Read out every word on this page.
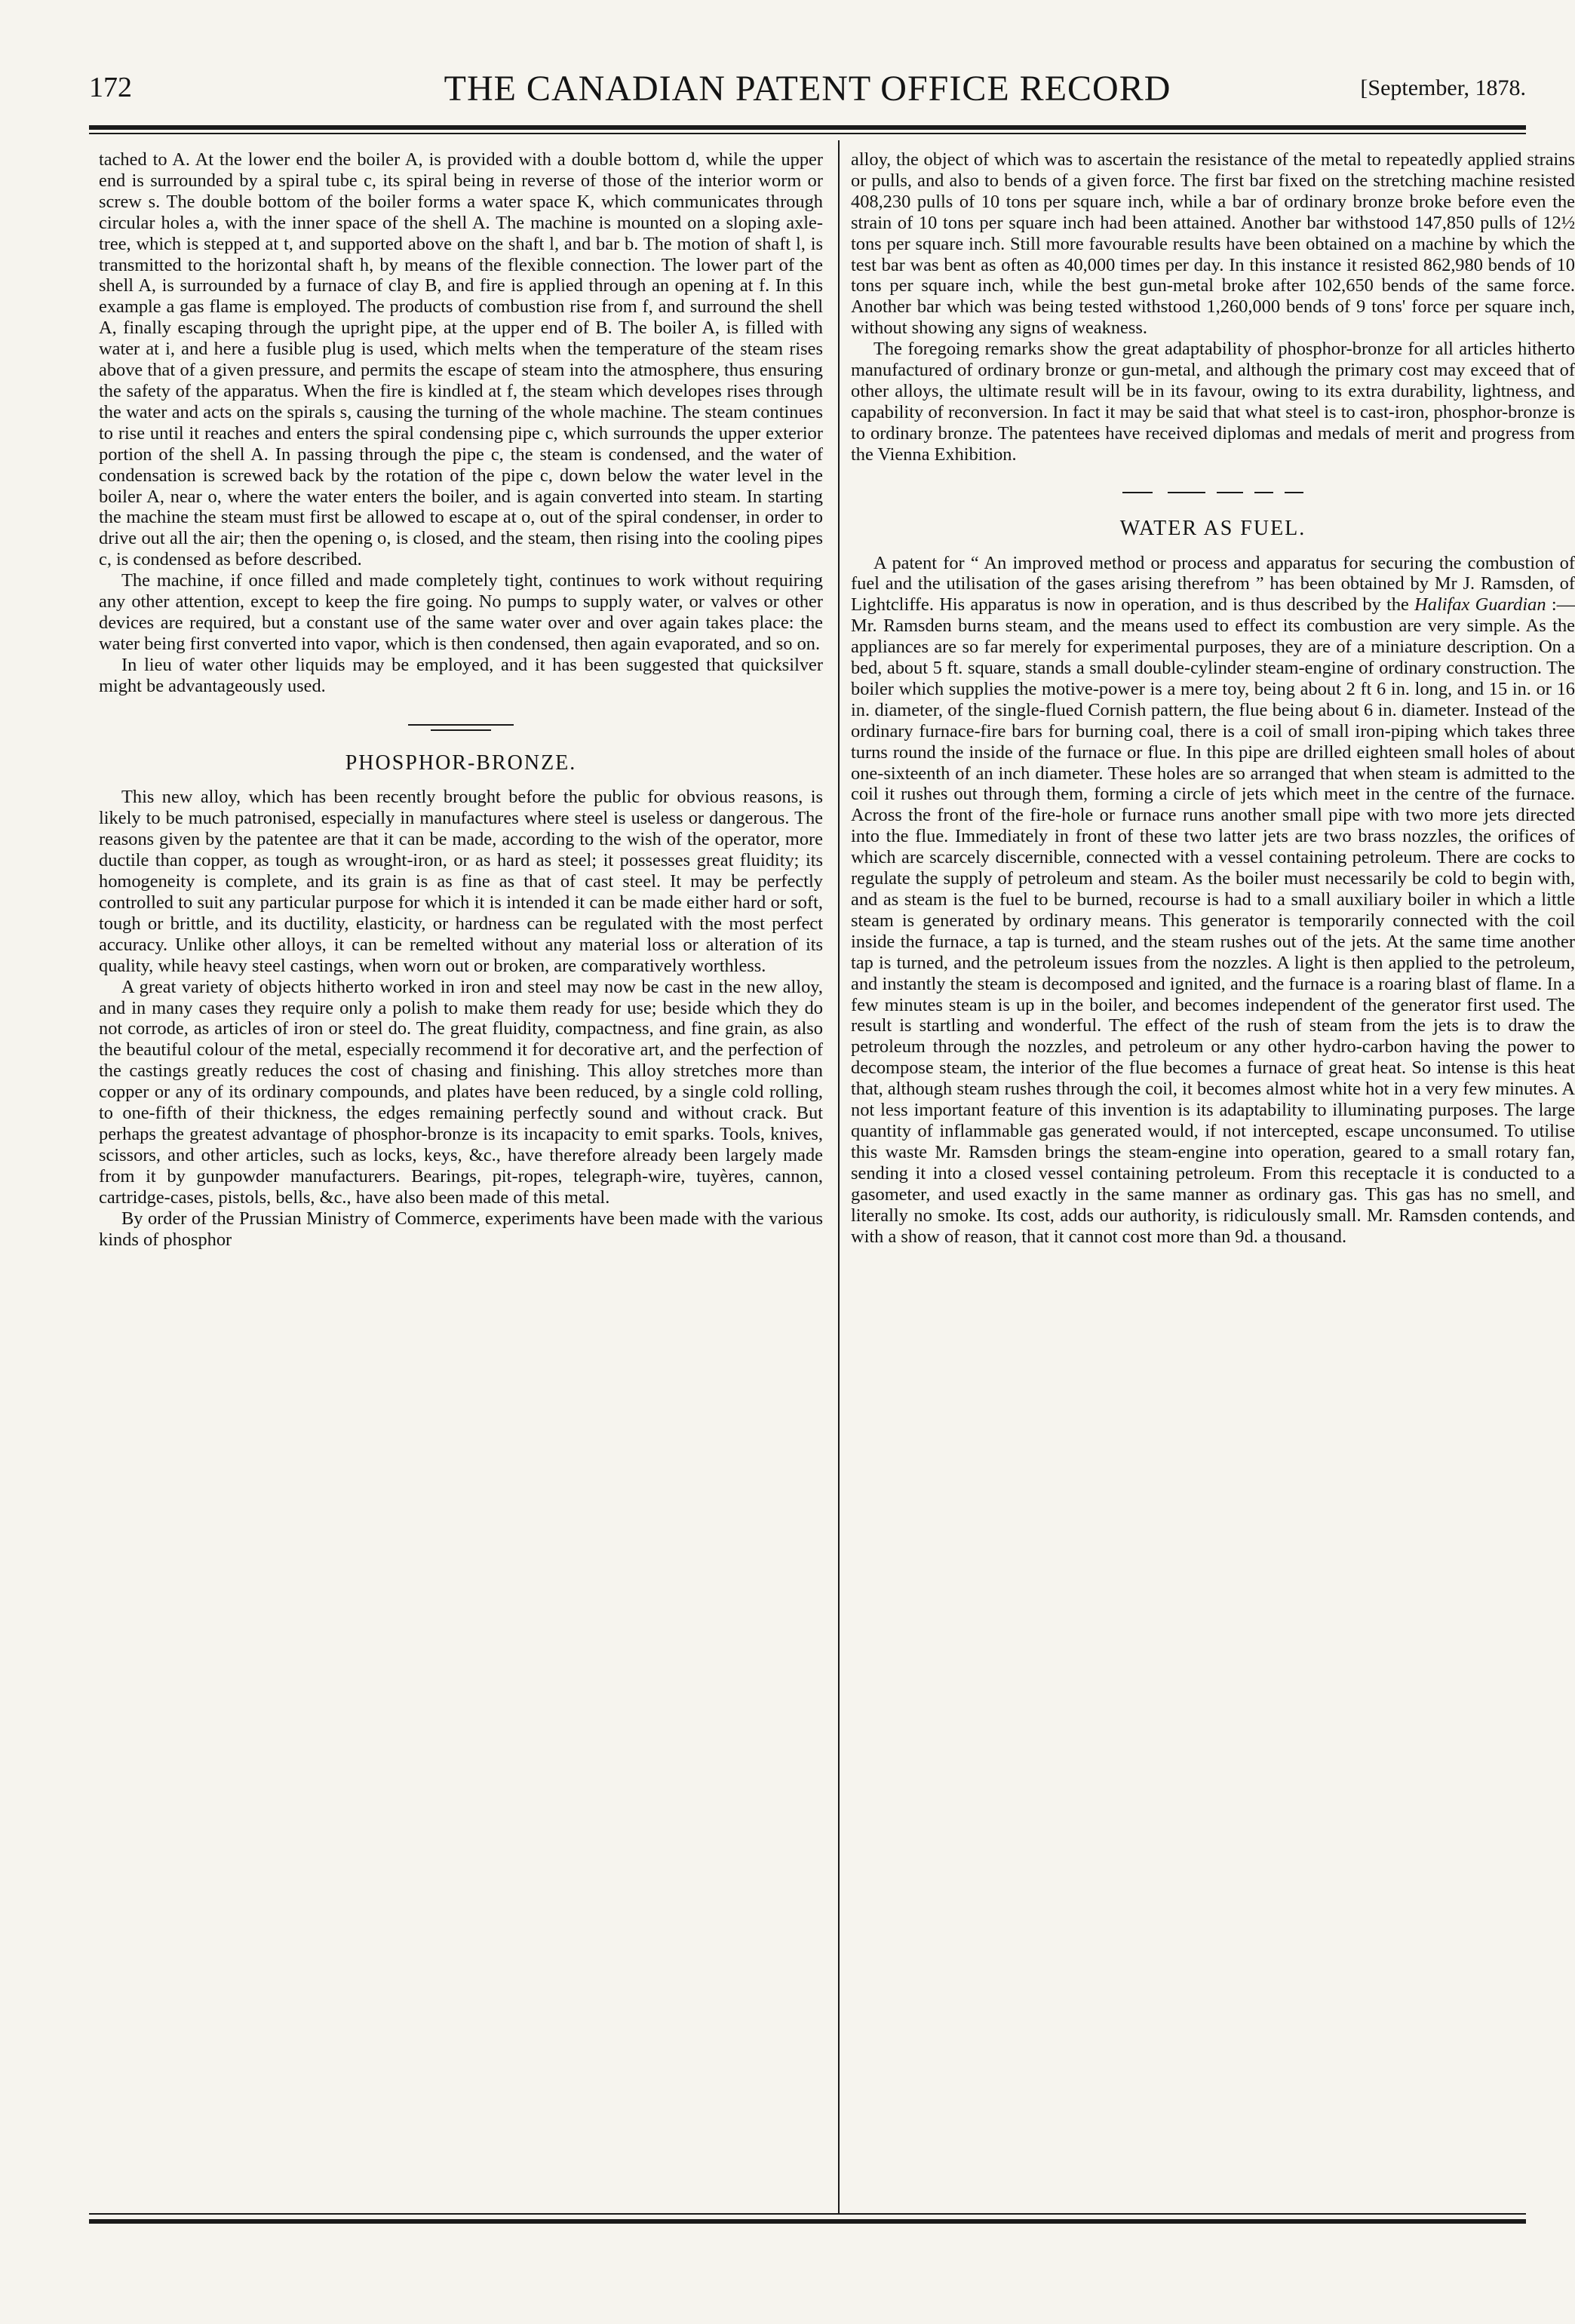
172	THE CANADIAN PATENT OFFICE RECORD	[September, 1878.

tached to A. At the lower end the boiler A, is provided with a double bottom d, while the upper end is surrounded by a spiral tube c, its spiral being in reverse of those of the interior worm or screw s. The double bottom of the boiler forms a water space K, which communicates through circular holes a, with the inner space of the shell A. The machine is mounted on a sloping axle-tree, which is stepped at t, and supported above on the shaft l, and bar b. The motion of shaft l, is transmitted to the horizontal shaft h, by means of the flexible connection. The lower part of the shell A, is surrounded by a furnace of clay B, and fire is applied through an opening at f. In this example a gas flame is employed. The products of combustion rise from f, and surround the shell A, finally escaping through the upright pipe, at the upper end of B. The boiler A, is filled with water at i, and here a fusible plug is used, which melts when the temperature of the steam rises above that of a given pressure, and permits the escape of steam into the atmosphere, thus ensuring the safety of the apparatus. When the fire is kindled at f, the steam which developes rises through the water and acts on the spirals s, causing the turning of the whole machine. The steam continues to rise until it reaches and enters the spiral condensing pipe c, which surrounds the upper exterior portion of the shell A. In passing through the pipe c, the steam is condensed, and the water of condensation is screwed back by the rotation of the pipe c, down below the water level in the boiler A, near o, where the water enters the boiler, and is again converted into steam. In starting the machine the steam must first be allowed to escape at o, out of the spiral condenser, in order to drive out all the air; then the opening o, is closed, and the steam, then rising into the cooling pipes c, is condensed as before described.

The machine, if once filled and made completely tight, continues to work without requiring any other attention, except to keep the fire going. No pumps to supply water, or valves or other devices are required, but a constant use of the same water over and over again takes place: the water being first converted into vapor, which is then condensed, then again evaporated, and so on.

In lieu of water other liquids may be employed, and it has been suggested that quicksilver might be advantageously used.

PHOSPHOR-BRONZE.

This new alloy, which has been recently brought before the public for obvious reasons, is likely to be much patronised, especially in manufactures where steel is useless or dangerous. The reasons given by the patentee are that it can be made, according to the wish of the operator, more ductile than copper, as tough as wrought-iron, or as hard as steel; it possesses great fluidity; its homogeneity is complete, and its grain is as fine as that of cast steel. It may be perfectly controlled to suit any particular purpose for which it is intended it can be made either hard or soft, tough or brittle, and its ductility, elasticity, or hardness can be regulated with the most perfect accuracy. Unlike other alloys, it can be remelted without any material loss or alteration of its quality, while heavy steel castings, when worn out or broken, are comparatively worthless.

A great variety of objects hitherto worked in iron and steel may now be cast in the new alloy, and in many cases they require only a polish to make them ready for use; beside which they do not corrode, as articles of iron or steel do. The great fluidity, compactness, and fine grain, as also the beautiful colour of the metal, especially recommend it for decorative art, and the perfection of the castings greatly reduces the cost of chasing and finishing. This alloy stretches more than copper or any of its ordinary compounds, and plates have been reduced, by a single cold rolling, to one-fifth of their thickness, the edges remaining perfectly sound and without crack. But perhaps the greatest advantage of phosphor-bronze is its incapacity to emit sparks. Tools, knives, scissors, and other articles, such as locks, keys, &c., have therefore already been largely made from it by gunpowder manufacturers. Bearings, pit-ropes, telegraph-wire, tuyères, cannon, cartridge-cases, pistols, bells, &c., have also been made of this metal.

By order of the Prussian Ministry of Commerce, experiments have been made with the various kinds of phosphor

alloy, the object of which was to ascertain the resistance of the metal to repeatedly applied strains or pulls, and also to bends of a given force. The first bar fixed on the stretching machine resisted 408,230 pulls of 10 tons per square inch, while a bar of ordinary bronze broke before even the strain of 10 tons per square inch had been attained. Another bar withstood 147,850 pulls of 12½ tons per square inch. Still more favourable results have been obtained on a machine by which the test bar was bent as often as 40,000 times per day. In this instance it resisted 862,980 bends of 10 tons per square inch, while the best gun-metal broke after 102,650 bends of the same force. Another bar which was being tested withstood 1,260,000 bends of 9 tons' force per square inch, without showing any signs of weakness.

The foregoing remarks show the great adaptability of phosphor-bronze for all articles hitherto manufactured of ordinary bronze or gun-metal, and although the primary cost may exceed that of other alloys, the ultimate result will be in its favour, owing to its extra durability, lightness, and capability of reconversion. In fact it may be said that what steel is to cast-iron, phosphor-bronze is to ordinary bronze. The patentees have received diplomas and medals of merit and progress from the Vienna Exhibition.

WATER AS FUEL.

A patent for “ An improved method or process and apparatus for securing the combustion of fuel and the utilisation of the gases arising therefrom ” has been obtained by Mr J. Ramsden, of Lightcliffe. His apparatus is now in operation, and is thus described by the Halifax Guardian :—Mr. Ramsden burns steam, and the means used to effect its combustion are very simple. As the appliances are so far merely for experimental purposes, they are of a miniature description. On a bed, about 5 ft. square, stands a small double-cylinder steam-engine of ordinary construction. The boiler which supplies the motive-power is a mere toy, being about 2 ft 6 in. long, and 15 in. or 16 in. diameter, of the single-flued Cornish pattern, the flue being about 6 in. diameter. Instead of the ordinary furnace-fire bars for burning coal, there is a coil of small iron-piping which takes three turns round the inside of the furnace or flue. In this pipe are drilled eighteen small holes of about one-sixteenth of an inch diameter. These holes are so arranged that when steam is admitted to the coil it rushes out through them, forming a circle of jets which meet in the centre of the furnace. Across the front of the fire-hole or furnace runs another small pipe with two more jets directed into the flue. Immediately in front of these two latter jets are two brass nozzles, the orifices of which are scarcely discernible, connected with a vessel containing petroleum. There are cocks to regulate the supply of petroleum and steam. As the boiler must necessarily be cold to begin with, and as steam is the fuel to be burned, recourse is had to a small auxiliary boiler in which a little steam is generated by ordinary means. This generator is temporarily connected with the coil inside the furnace, a tap is turned, and the steam rushes out of the jets. At the same time another tap is turned, and the petroleum issues from the nozzles. A light is then applied to the petroleum, and instantly the steam is decomposed and ignited, and the furnace is a roaring blast of flame. In a few minutes steam is up in the boiler, and becomes independent of the generator first used. The result is startling and wonderful. The effect of the rush of steam from the jets is to draw the petroleum through the nozzles, and petroleum or any other hydro-carbon having the power to decompose steam, the interior of the flue becomes a furnace of great heat. So intense is this heat that, although steam rushes through the coil, it becomes almost white hot in a very few minutes. A not less important feature of this invention is its adaptability to illuminating purposes. The large quantity of inflammable gas generated would, if not intercepted, escape unconsumed. To utilise this waste Mr. Ramsden brings the steam-engine into operation, geared to a small rotary fan, sending it into a closed vessel containing petroleum. From this receptacle it is conducted to a gasometer, and used exactly in the same manner as ordinary gas. This gas has no smell, and literally no smoke. Its cost, adds our authority, is ridiculously small. Mr. Ramsden contends, and with a show of reason, that it cannot cost more than 9d. a thousand.
